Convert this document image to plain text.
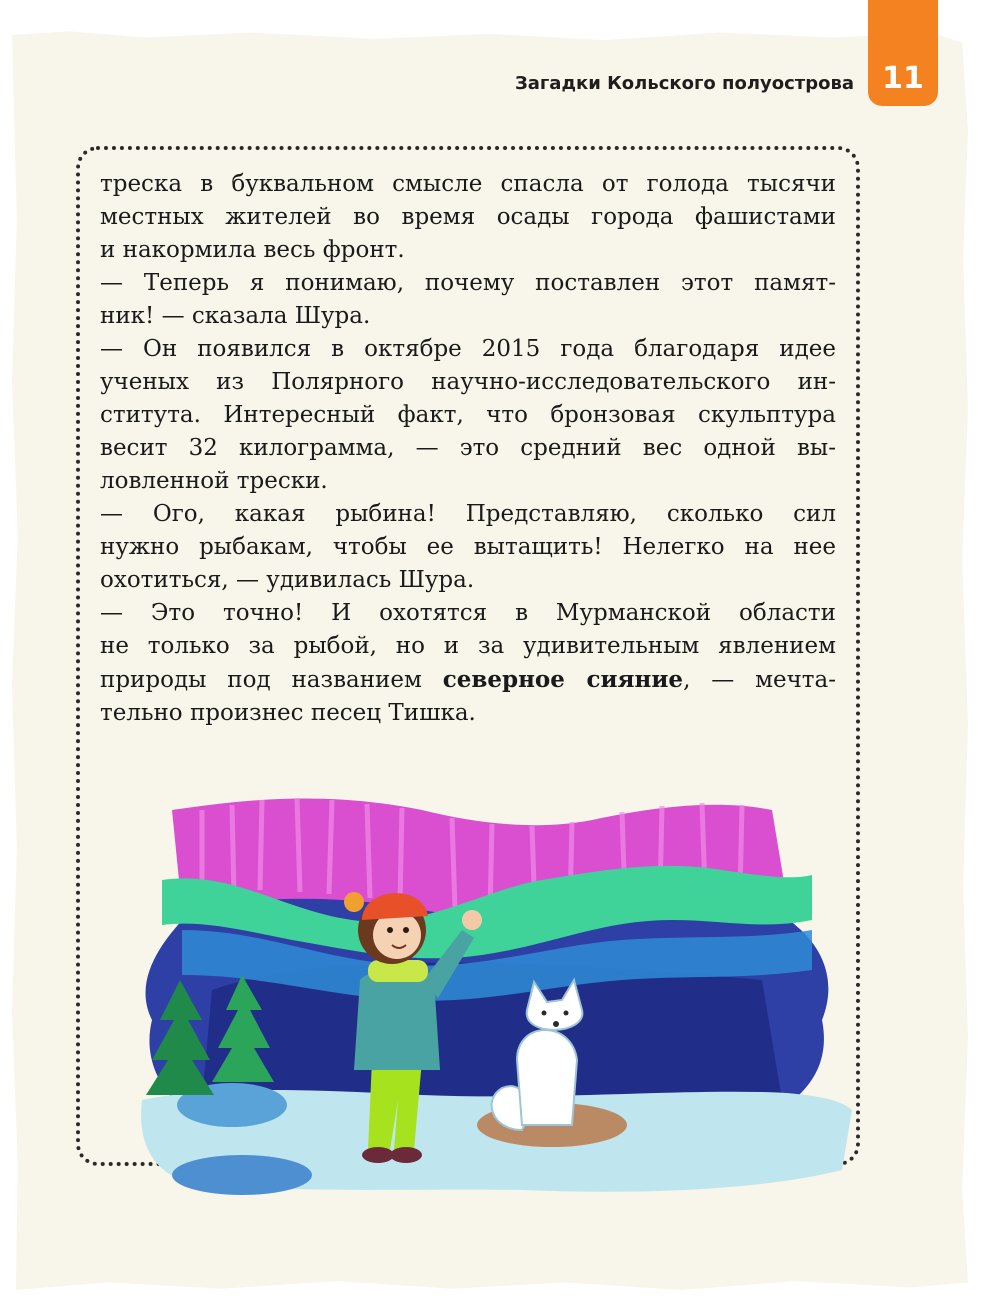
11
Загадки Кольского полуострова

треска в буквальном смысле спасла от голода тысячи

местных жителей во время осады города фашистами

и накормила весь фронт.

— Теперь я понимаю, почему поставлен этот памят-

ник! — сказала Шура.

— Он появился в октябре 2015 года благодаря идее

ученых из Полярного научно-исследовательского ин-

ститута. Интересный факт, что бронзовая скульптура

весит 32 килограмма, — это средний вес одной вы-

ловленной трески.

— Ого, какая рыбина! Представляю, сколько сил

нужно рыбакам, чтобы ее вытащить! Нелегко на нее

охотиться, — удивилась Шура.

— Это точно! И охотятся в Мурманской области

не только за рыбой, но и за удивительным явлением

природы под названием северное сияние, — мечта-

тельно произнес песец Тишка.
